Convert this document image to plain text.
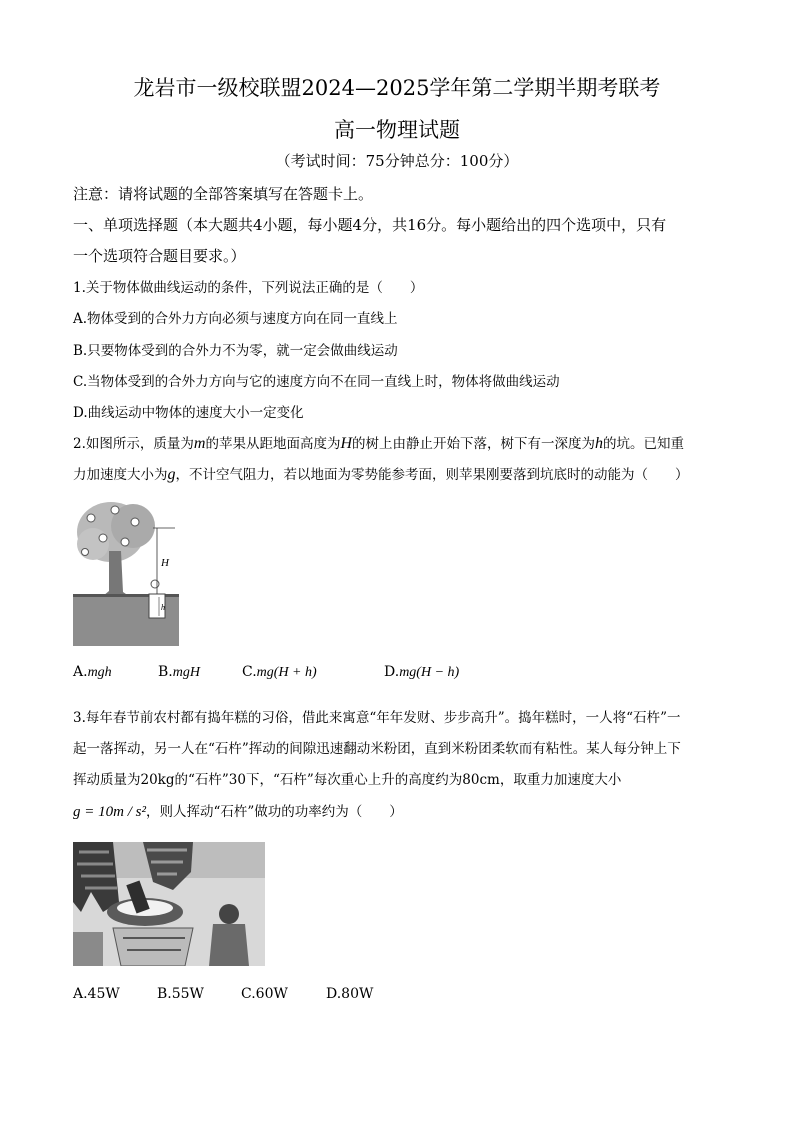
龙岩市一级校联盟2024—2025学年第二学期半期考联考
高一物理试题
（考试时间：75分钟总分：100分）
注意：请将试题的全部答案填写在答题卡上。
一、单项选择题（本大题共4小题，每小题4分，共16分。每小题给出的四个选项中，只有
一个选项符合题目要求。）
1.关于物体做曲线运动的条件，下列说法正确的是（　　）
A.物体受到的合外力方向必须与速度方向在同一直线上
B.只要物体受到的合外力不为零，就一定会做曲线运动
C.当物体受到的合外力方向与它的速度方向不在同一直线上时，物体将做曲线运动
D.曲线运动中物体的速度大小一定变化
2.如图所示，质量为m的苹果从距地面高度为H的树上由静止开始下落，树下有一深度为h的坑。已知重
力加速度大小为g，不计空气阻力，若以地面为零势能参考面，则苹果刚要落到坑底时的动能为（　　）
H
h
A.mgh	B.mgH	C.mg(H + h)	D.mg(H − h)
3.每年春节前农村都有捣年糕的习俗，借此来寓意“年年发财、步步高升”。捣年糕时，一人将“石杵”一
起一落挥动，另一人在“石杵”挥动的间隙迅速翻动米粉团，直到米粉团柔软而有粘性。某人每分钟上下
挥动质量为20kg的“石杵”30下，“石杵”每次重心上升的高度约为80cm，取重力加速度大小
g = 10m / s²，则人挥动“石杵”做功的功率约为（　　）
A.45W	B.55W	C.60W	D.80W
